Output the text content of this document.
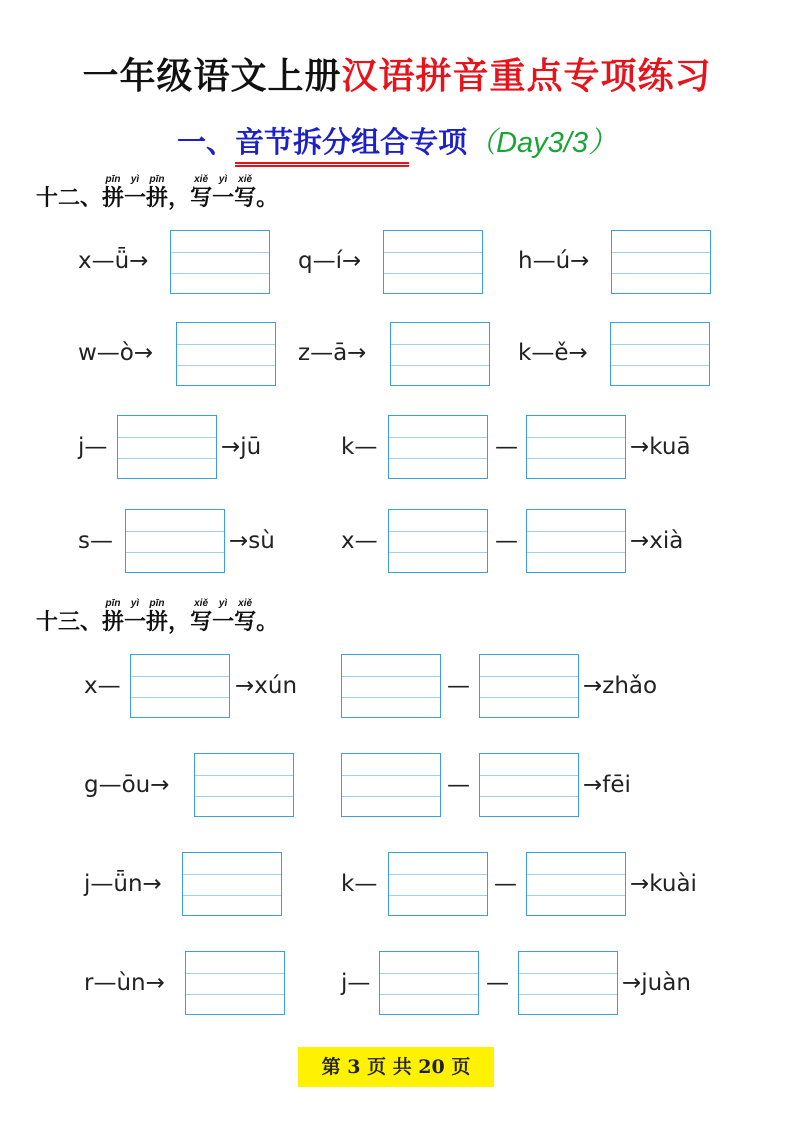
一年级语文上册汉语拼音重点专项练习
一、音节拆分组合专项（Day3/3）
十二、拼pīn一yì拼pīn，写xiě一yì写xiě。
x—ǖ→	q—í→	h—ú→
w—ò→	z—ā→	k—ě→
j—	→jū	k—	—	→kuā
s—	→sù	x—	—	→xià
十三、拼pīn一yì拼pīn，写xiě一yì写xiě。
x—	→xún	—	→zhǎo
g—ōu→	—	→fēi
j—ǖn→	k—	—	→kuài
r—ùn→	j—	—	→juàn
第 3 页 共 20 页
